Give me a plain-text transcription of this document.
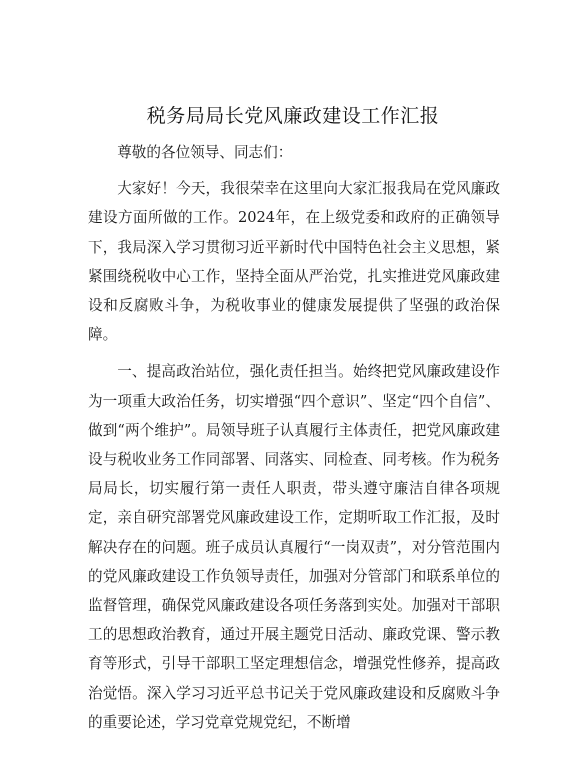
税务局局长党风廉政建设工作汇报

尊敬的各位领导、同志们：

大家好！今天，我很荣幸在这里向大家汇报我局在党风廉政建设方面所做的工作。2024年，在上级党委和政府的正确领导下，我局深入学习贯彻习近平新时代中国特色社会主义思想，紧紧围绕税收中心工作，坚持全面从严治党，扎实推进党风廉政建设和反腐败斗争，为税收事业的健康发展提供了坚强的政治保障。

一、提高政治站位，强化责任担当。始终把党风廉政建设作为一项重大政治任务，切实增强“四个意识”、坚定“四个自信”、做到“两个维护”。局领导班子认真履行主体责任，把党风廉政建设与税收业务工作同部署、同落实、同检查、同考核。作为税务局局长，切实履行第一责任人职责，带头遵守廉洁自律各项规定，亲自研究部署党风廉政建设工作，定期听取工作汇报，及时解决存在的问题。班子成员认真履行“一岗双责”，对分管范围内的党风廉政建设工作负领导责任，加强对分管部门和联系单位的监督管理，确保党风廉政建设各项任务落到实处。加强对干部职工的思想政治教育，通过开展主题党日活动、廉政党课、警示教育等形式，引导干部职工坚定理想信念，增强党性修养，提高政治觉悟。深入学习习近平总书记关于党风廉政建设和反腐败斗争的重要论述，学习党章党规党纪，不断增
